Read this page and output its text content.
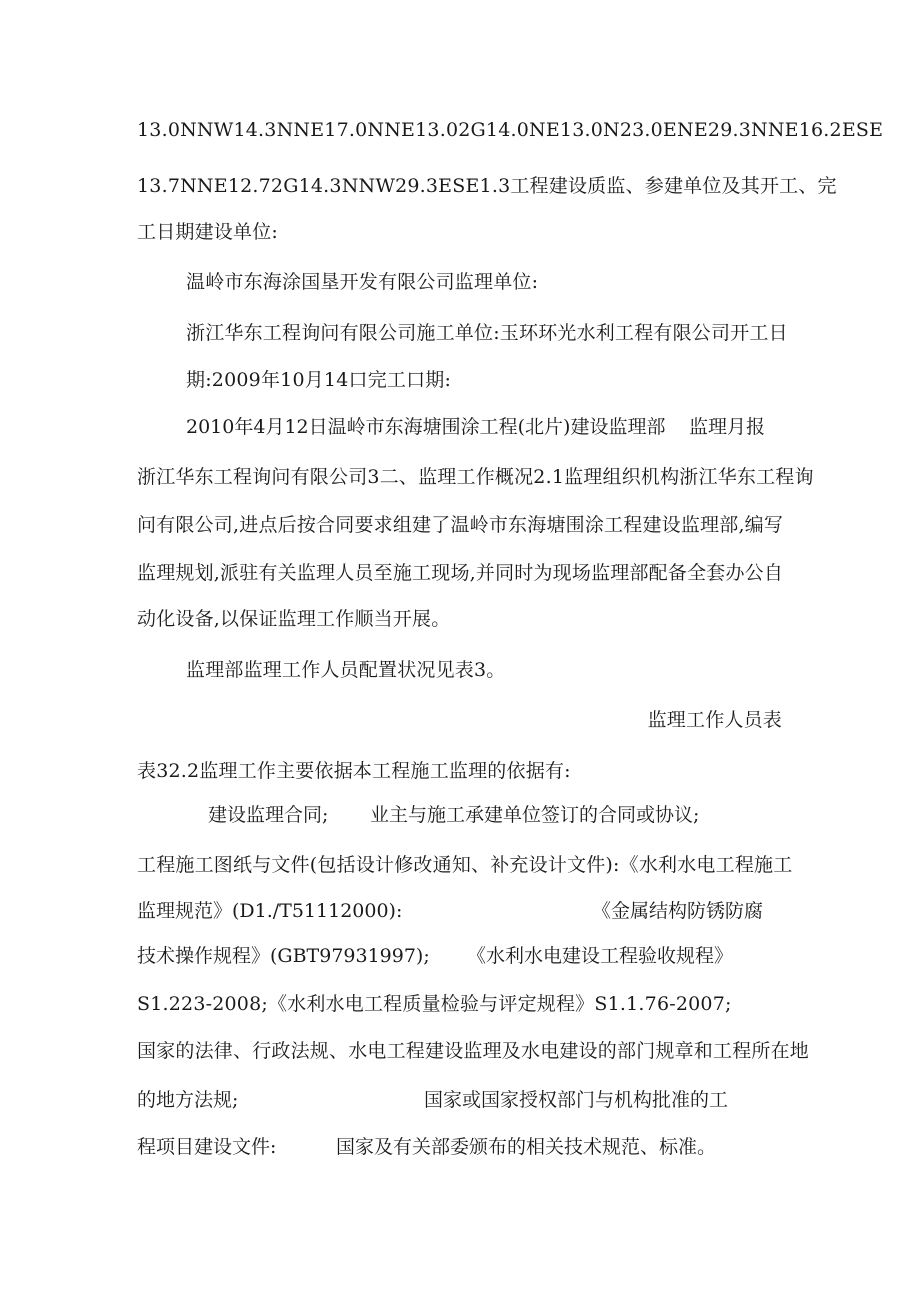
13.0NNW14.3NNE17.0NNE13.02G14.0NE13.0N23.0ENE29.3NNE16.2ESE
13.7NNE12.72G14.3NNW29.3ESE1.3工程建设质监、参建单位及其开工、完
工日期建设单位:
温岭市东海涂国垦开发有限公司监理单位:
浙江华东工程询问有限公司施工单位:玉环环光水利工程有限公司开工日
期:2009年10月14口完工口期:
2010年4月12日温岭市东海塘围涂工程(北片)建设监理部 监理月报
浙江华东工程询问有限公司3二、监理工作概况2.1监理组织机构浙江华东工程询
问有限公司,进点后按合同要求组建了温岭市东海塘围涂工程建设监理部,编写
监理规划,派驻有关监理人员至施工现场,并同时为现场监理部配备全套办公自
动化设备,以保证监理工作顺当开展。
监理部监理工作人员配置状况见表3。
监理工作人员表
表32.2监理工作主要依据本工程施工监理的依据有:
建设监理合同; 业主与施工承建单位签订的合同或协议;
工程施工图纸与文件(包括设计修改通知、补充设计文件):《水利水电工程施工
监理规范》(D1./T51112000):	《金属结构防锈防腐
技术操作规程》(GBT97931997); 《水利水电建设工程验收规程》
S1.223-2008;《水利水电工程质量检验与评定规程》S1.1.76-2007;
国家的法律、行政法规、水电工程建设监理及水电建设的部门规章和工程所在地
的地方法规;	国家或国家授权部门与机构批准的工
程项目建设文件:	国家及有关部委颁布的相关技术规范、标准。
